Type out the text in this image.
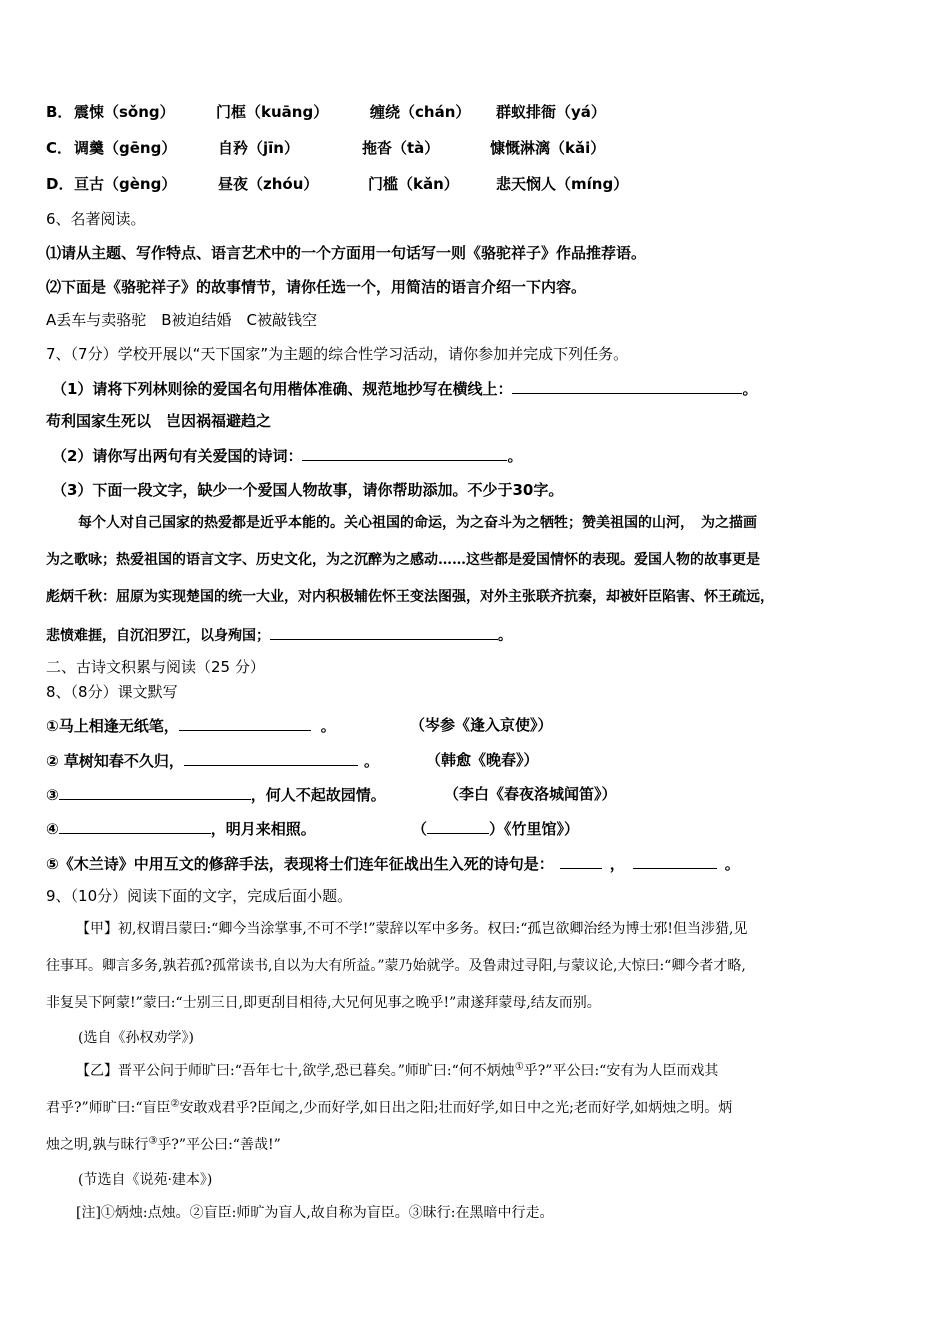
B． 震悚（sǒng）	门框（kuāng）	缠绕（chán） 群蚁排衙（yá）
C． 调羹（gēng）	自矜（jīn）	拖沓（tà）	慷慨淋漓（kǎi）
D． 亘古（gèng）	昼夜（zhóu）	门槛（kǎn） 悲天悯人（míng）
6、名著阅读。
⑴请从主题、写作特点、语言艺术中的一个方面用一句话写一则《骆驼祥子》作品推荐语。
⑵下面是《骆驼祥子》的故事情节，请你任选一个，用简洁的语言介绍一下内容。
A丢车与卖骆驼　B被迫结婚　C被敲钱空
7、（7分）学校开展以“天下国家”为主题的综合性学习活动，请你参加并完成下列任务。
（1）请将下列林则徐的爱国名句用楷体准确、规范地抄写在横线上：	。
苟利国家生死以　岂因祸福避趋之
（2）请你写出两句有关爱国的诗词：	。
（3）下面一段文字，缺少一个爱国人物故事，请你帮助添加。不少于30字。
每个人对自己国家的热爱都是近乎本能的。关心祖国的命运，为之奋斗为之牺牲；赞美祖国的山河，　为之描画
为之歌咏；热爱祖国的语言文字、历史文化，为之沉醉为之感动……这些都是爱国情怀的表现。爱国人物的故事更是
彪炳千秋：屈原为实现楚国的统一大业，对内积极辅佐怀王变法图强，对外主张联齐抗秦，却被奸臣陷害、怀王疏远，
悲愤难捱，自沉汨罗江，以身殉国；	。
二、古诗文积累与阅读（25 分）
8、（8分）课文默写
①马上相逢无纸笔，	。	（岑参《逢入京使》）
② 草树知春不久归，	。	（韩愈《晚春》）
③	，何人不起故园情。	（李白《春夜洛城闻笛》）
④	，明月来相照。	（	）《竹里馆》）
⑤《木兰诗》中用互文的修辞手法，表现将士们连年征战出生入死的诗句是：	，	。
9、（10分）阅读下面的文字，完成后面小题。
【甲】初,权谓吕蒙曰:“卿今当涂掌事,不可不学!”蒙辞以军中多务。权曰:“孤岂欲卿治经为博士邪!但当涉猎,见
往事耳。卿言多务,孰若孤?孤常读书,自以为大有所益。”蒙乃始就学。及鲁肃过寻阳,与蒙议论,大惊曰:“卿今者才略,
非复吴下阿蒙!”蒙曰:“士别三日,即更刮目相待,大兄何见事之晚乎!”肃遂拜蒙母,结友而别。
(选自《孙权劝学》)
【乙】晋平公问于师旷曰:“吾年七十,欲学,恐已暮矣。”师旷曰:“何不炳烛①乎?”平公曰:“安有为人臣而戏其
君乎?”师旷曰:“盲臣②安敢戏君乎?臣闻之,少而好学,如日出之阳;壮而好学,如日中之光;老而好学,如炳烛之明。炳
烛之明,孰与昧行③乎?”平公曰:“善哉!”
(节选自《说苑·建本》)
[注]①炳烛:点烛。②盲臣:师旷为盲人,故自称为盲臣。③昧行:在黑暗中行走。
